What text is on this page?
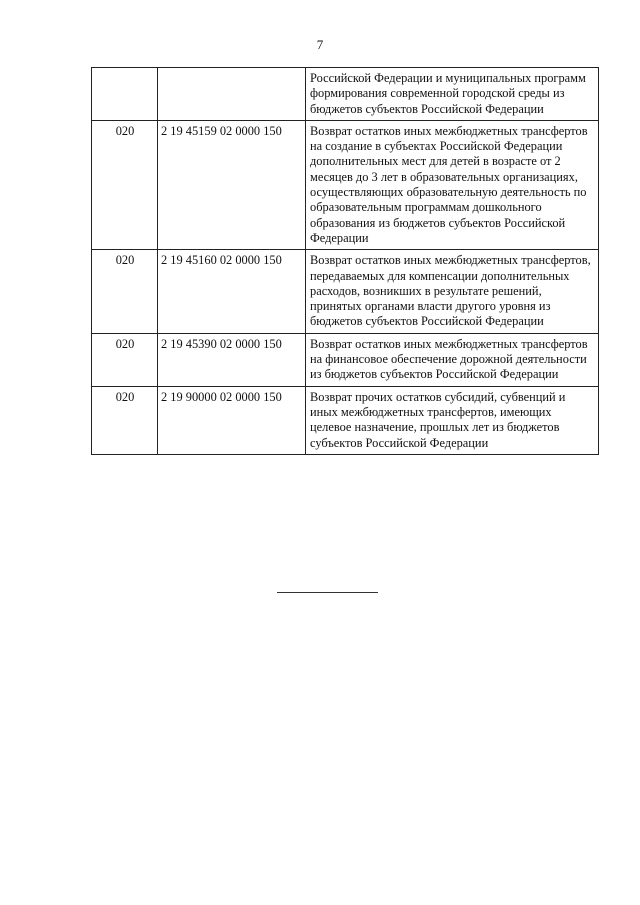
7
		Российской Федерации и муниципальных программ формирования современной городской среды из бюджетов субъектов Российской Федерации
020	2 19 45159 02 0000 150	Возврат остатков иных межбюджетных трансфертов на создание в субъектах Российской Федерации дополнительных мест для детей в возрасте от 2 месяцев до 3 лет в образовательных организациях, осуществляющих образовательную деятельность по образовательным программам дошкольного образования из бюджетов субъектов Российской Федерации
020	2 19 45160 02 0000 150	Возврат остатков иных межбюджетных трансфертов, передаваемых для компенсации дополнительных расходов, возникших в результате решений, принятых органами власти другого уровня из бюджетов субъектов Российской Федерации
020	2 19 45390 02 0000 150	Возврат остатков иных межбюджетных трансфертов на финансовое обеспечение дорожной деятельности из бюджетов субъектов Российской Федерации
020	2 19 90000 02 0000 150	Возврат прочих остатков субсидий, субвенций и иных межбюджетных трансфертов, имеющих целевое назначение, прошлых лет из бюджетов субъектов Российской Федерации
